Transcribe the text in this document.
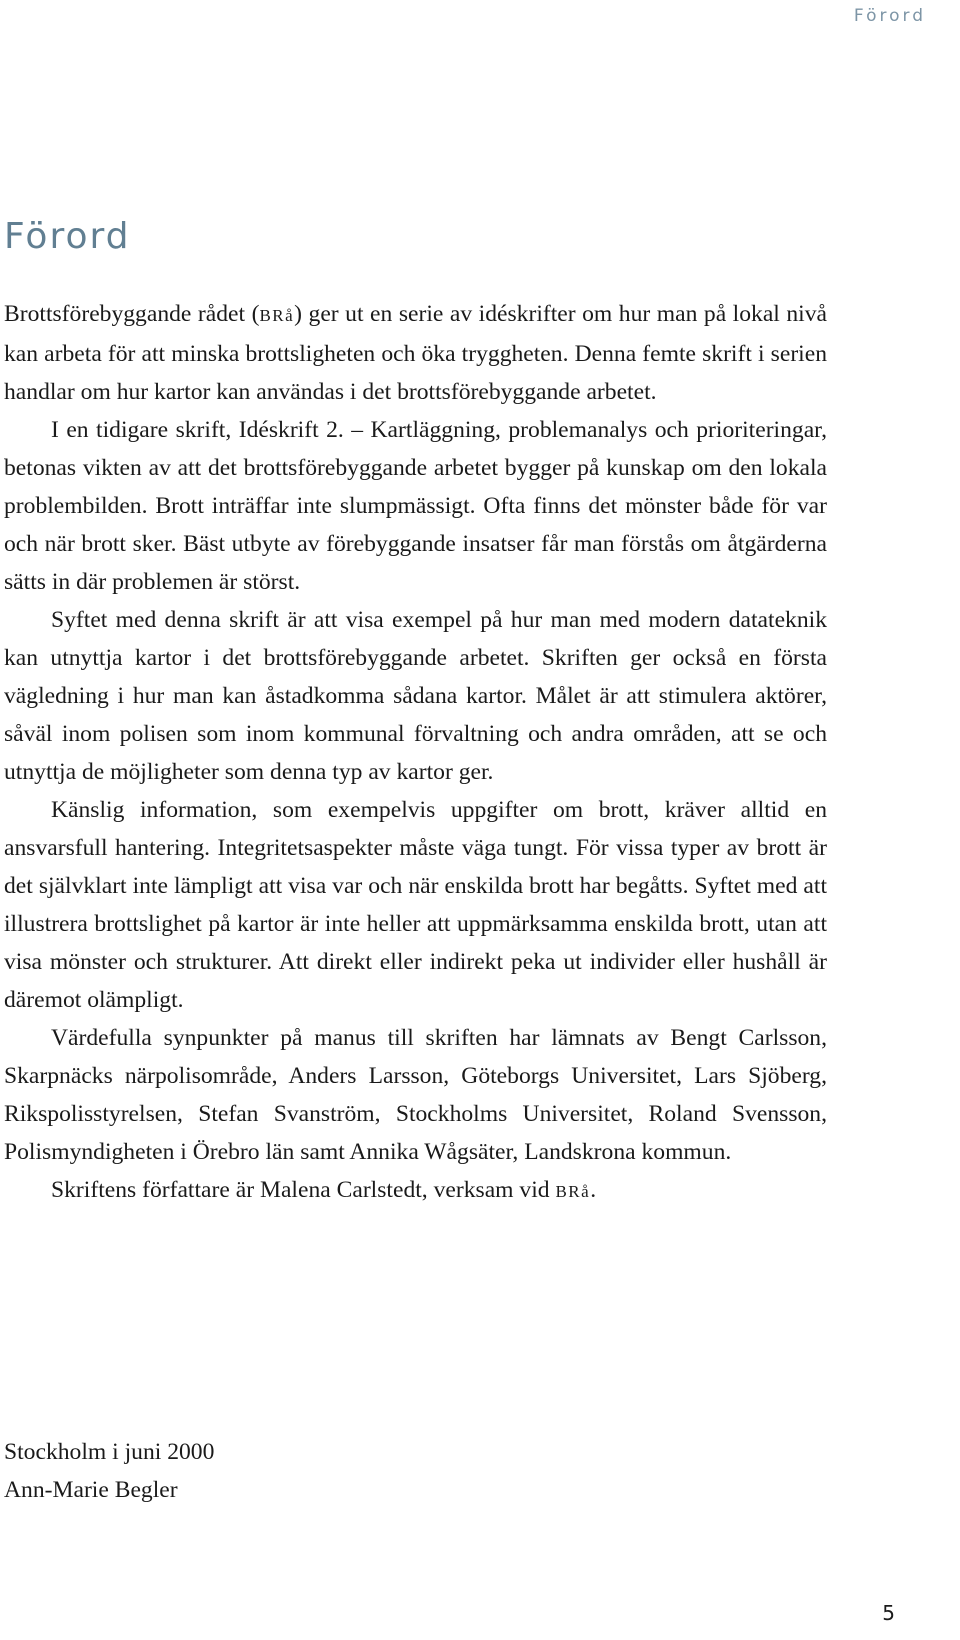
Förord
Förord

Brottsförebyggande rådet (BRå) ger ut en serie av idéskrifter om hur man på lokal nivå kan arbeta för att minska brottsligheten och öka tryggheten. Denna femte skrift i serien handlar om hur kartor kan användas i det brottsförebyggande arbetet.

I en tidigare skrift, Idéskrift 2. – Kartläggning, problemanalys och prioriteringar, betonas vikten av att det brottsförebyggande arbetet bygger på kunskap om den lokala problembilden. Brott inträffar inte slumpmässigt. Ofta finns det mönster både för var och när brott sker. Bäst utbyte av förebyggande insatser får man förstås om åtgärderna sätts in där problemen är störst.

Syftet med denna skrift är att visa exempel på hur man med modern datateknik kan utnyttja kartor i det brottsförebyggande arbetet. Skriften ger också en första vägledning i hur man kan åstadkomma sådana kartor. Målet är att stimulera aktörer, såväl inom polisen som inom kommunal förvaltning och andra områden, att se och utnyttja de möjligheter som denna typ av kartor ger.

Känslig information, som exempelvis uppgifter om brott, kräver alltid en ansvarsfull hantering. Integritetsaspekter måste väga tungt. För vissa typer av brott är det självklart inte lämpligt att visa var och när enskilda brott har begåtts. Syftet med att illustrera brottslighet på kartor är inte heller att uppmärksamma enskilda brott, utan att visa mönster och strukturer. Att direkt eller indirekt peka ut individer eller hushåll är däremot olämpligt.

Värdefulla synpunkter på manus till skriften har lämnats av Bengt Carlsson, Skarpnäcks närpolisområde, Anders Larsson, Göteborgs Universitet, Lars Sjöberg, Rikspolisstyrelsen, Stefan Svanström, Stockholms Universitet, Roland Svensson, Polismyndigheten i Örebro län samt Annika Wågsäter, Landskrona kommun.

Skriftens författare är Malena Carlstedt, verksam vid BRå.

Stockholm i juni 2000
Ann-Marie Begler
5
